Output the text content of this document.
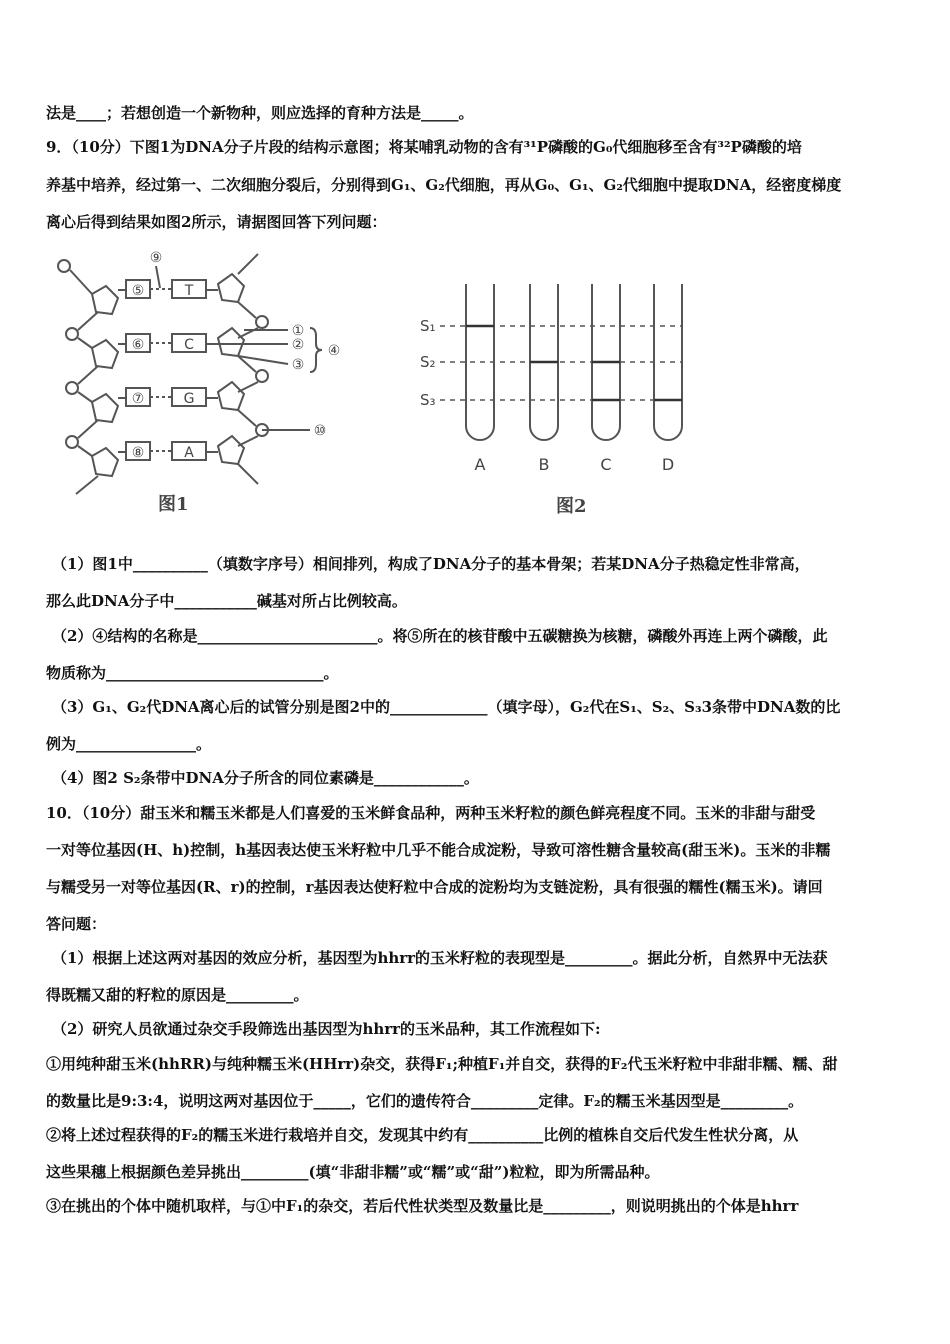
法是____；若想创造一个新物种，则应选择的育种方法是_____。
9．（10分）下图1为DNA分子片段的结构示意图；将某哺乳动物的含有³¹P磷酸的G₀代细胞移至含有³²P磷酸的培
养基中培养，经过第一、二次细胞分裂后，分别得到G₁、G₂代细胞，再从G₀、G₁、G₂代细胞中提取DNA，经密度梯度
离心后得到结果如图2所示，请据图回答下列问题：
⑤
⑥
⑦
⑧
T
C
G
A
⑨
①
②
③
④
⑩
图1
S₁
S₂
S₃
A	B	C	D
图2
（1）图1中__________（填数字序号）相间排列，构成了DNA分子的基本骨架；若某DNA分子热稳定性非常高，
那么此DNA分子中___________碱基对所占比例较高。
（2）④结构的名称是________________________。将⑤所在的核苷酸中五碳糖换为核糖，磷酸外再连上两个磷酸，此
物质称为_____________________________。
（3）G₁、G₂代DNA离心后的试管分别是图2中的_____________（填字母），G₂代在S₁、S₂、S₃3条带中DNA数的比
例为________________。
（4）图2 S₂条带中DNA分子所含的同位素磷是____________。
10．（10分）甜玉米和糯玉米都是人们喜爱的玉米鲜食品种，两种玉米籽粒的颜色鲜亮程度不同。玉米的非甜与甜受
一对等位基因(H、h)控制，h基因表达使玉米籽粒中几乎不能合成淀粉，导致可溶性糖含量较高(甜玉米)。玉米的非糯
与糯受另一对等位基因(R、r)的控制，r基因表达使籽粒中合成的淀粉均为支链淀粉，具有很强的糯性(糯玉米)。请回
答问题：
（1）根据上述这两对基因的效应分析，基因型为hhrr的玉米籽粒的表现型是_________。据此分析，自然界中无法获
得既糯又甜的籽粒的原因是_________。
（2）研究人员欲通过杂交手段筛选出基因型为hhrr的玉米品种，其工作流程如下:
①用纯种甜玉米(hhRR)与纯种糯玉米(HHrr)杂交，获得F₁;种植F₁并自交，获得的F₂代玉米籽粒中非甜非糯、糯、甜
的数量比是9:3:4，说明这两对基因位于_____，它们的遗传符合_________定律。F₂的糯玉米基因型是_________。
②将上述过程获得的F₂的糯玉米进行栽培并自交，发现其中约有__________比例的植株自交后代发生性状分离，从
这些果穗上根据颜色差异挑出_________(填“非甜非糯”或“糯”或“甜”)粒粒，即为所需品种。
③在挑出的个体中随机取样，与①中F₁的杂交，若后代性状类型及数量比是_________，则说明挑出的个体是hhrr
